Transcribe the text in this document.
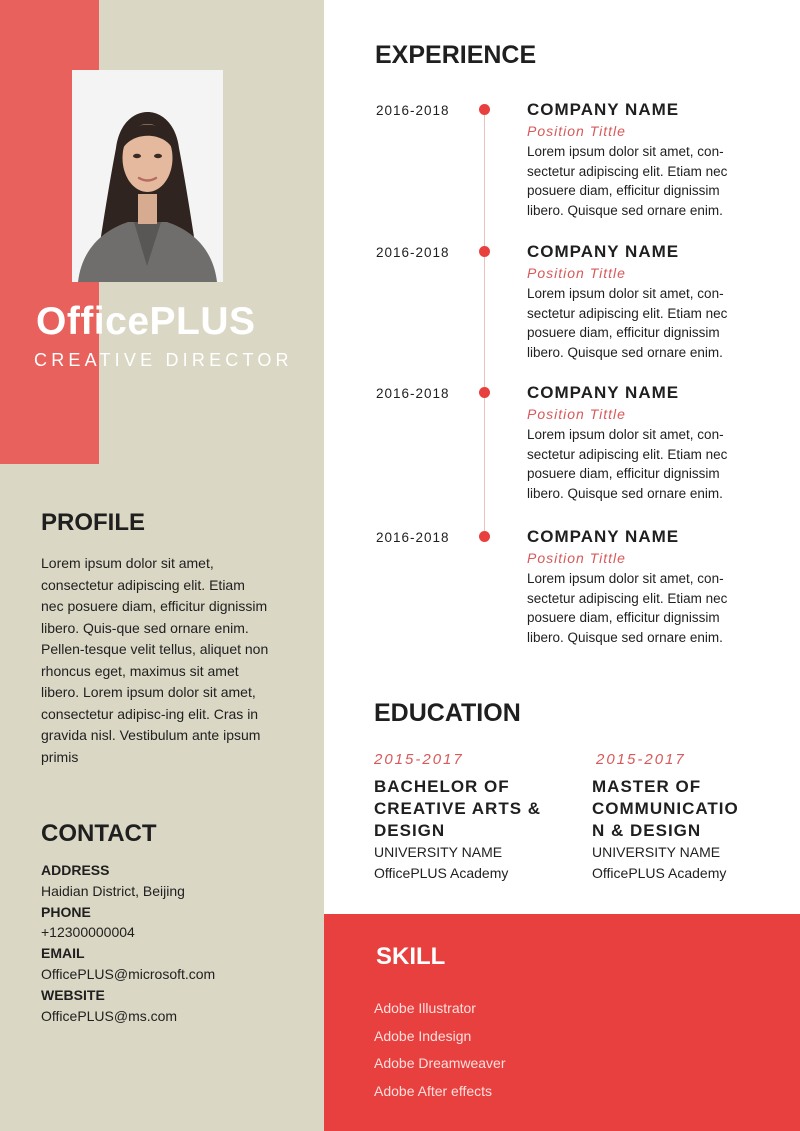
OfficePLUS
CREATIVE DIRECTOR
PROFILE
Lorem ipsum dolor sit amet, consectetur adipiscing elit. Etiam nec posuere diam, efficitur dignissim libero. Quis-que sed ornare enim. Pellen-tesque velit tellus, aliquet non rhoncus eget, maximus sit amet libero. Lorem ipsum dolor sit amet, consectetur adipisc-ing elit. Cras in gravida nisl. Vestibulum ante ipsum primis
CONTACT
ADDRESS
Haidian District, Beijing
PHONE
+12300000004
EMAIL
OfficePLUS@microsoft.com
WEBSITE
OfficePLUS@ms.com
EXPERIENCE
2016-2018	COMPANY NAME
Position Tittle
Lorem ipsum dolor sit amet, con-sectetur adipiscing elit. Etiam nec posuere diam, efficitur dignissim libero. Quisque sed ornare enim.
2016-2018	COMPANY NAME
Position Tittle
Lorem ipsum dolor sit amet, con-sectetur adipiscing elit. Etiam nec posuere diam, efficitur dignissim libero. Quisque sed ornare enim.
2016-2018	COMPANY NAME
Position Tittle
Lorem ipsum dolor sit amet, con-sectetur adipiscing elit. Etiam nec posuere diam, efficitur dignissim libero. Quisque sed ornare enim.
2016-2018	COMPANY NAME
Position Tittle
Lorem ipsum dolor sit amet, con-sectetur adipiscing elit. Etiam nec posuere diam, efficitur dignissim libero. Quisque sed ornare enim.
EDUCATION
2015-2017
BACHELOR OF
CREATIVE ARTS &
DESIGN
UNIVERSITY NAME
OfficePLUS Academy
2015-2017
MASTER OF
COMMUNICATIO
N & DESIGN
UNIVERSITY NAME
OfficePLUS Academy
SKILL
Adobe Illustrator
Adobe Indesign
Adobe Dreamweaver
Adobe After effects
